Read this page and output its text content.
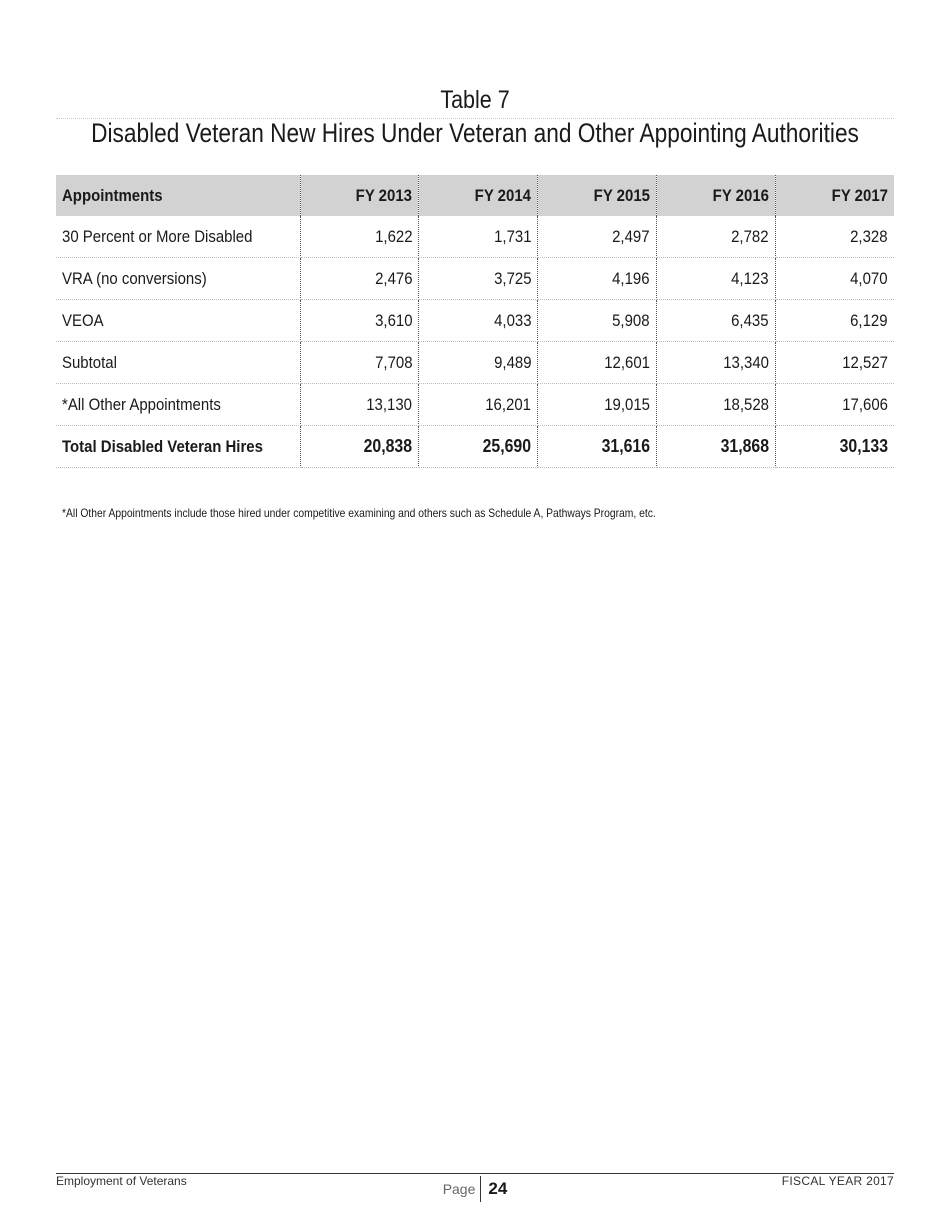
Table 7
Disabled Veteran New Hires Under Veteran and Other Appointing Authorities
Appointments	FY 2013	FY 2014	FY 2015	FY 2016	FY 2017
30 Percent or More Disabled	1,622	1,731	2,497	2,782	2,328
VRA (no conversions)	2,476	3,725	4,196	4,123	4,070
VEOA	3,610	4,033	5,908	6,435	6,129
Subtotal	7,708	9,489	12,601	13,340	12,527
*All Other Appointments	13,130	16,201	19,015	18,528	17,606
Total Disabled Veteran Hires	20,838	25,690	31,616	31,868	30,133
*All Other Appointments include those hired under competitive examining and others such as Schedule A, Pathways Program, etc.
Employment of Veterans	Page 24	FISCAL YEAR 2017
